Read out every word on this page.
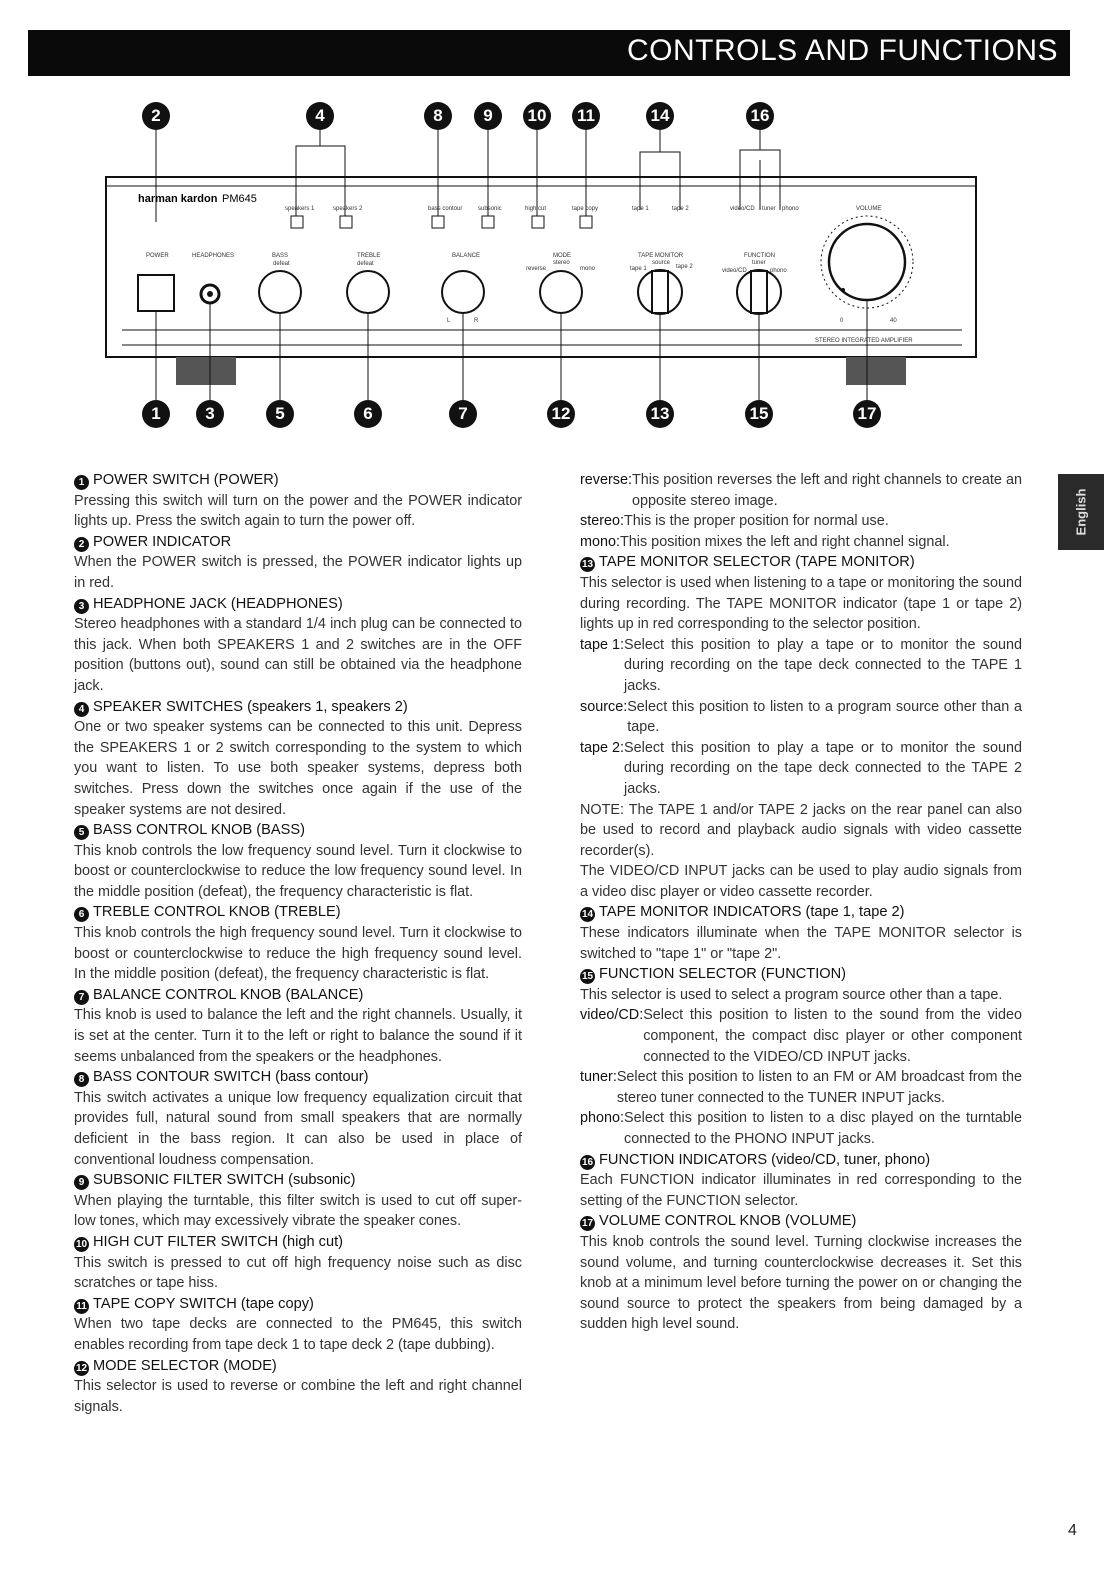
CONTROLS AND FUNCTIONS
English
harman kardon PM645
speakers 1	speakers 2	bass contour	subsonic	high cut	tape copy	tape 1	tape 2	video/CD tuner phono	VOLUME
POWER	HEADPHONES	BASS
defeat
TREBLE
defeat
BALANCE	MODE
stereo
reverse	mono
TAPE MONITOR
source
tape 1	tape 2
FUNCTION
tuner
video/CD	phono
L	R	0	40
STEREO INTEGRATED AMPLIFIER
2	4	8	9	10 11	14	16
1	3	5	6	7	12	13	15	17
1 POWER SWITCH (POWER)

Pressing this switch will turn on the power and the POWER indicator lights up. Press the switch again to turn the power off.

2 POWER INDICATOR

When the POWER switch is pressed, the POWER indicator lights up in red.

3 HEADPHONE JACK (HEADPHONES)

Stereo headphones with a standard 1/4 inch plug can be connected to this jack. When both SPEAKERS 1 and 2 switches are in the OFF position (buttons out), sound can still be obtained via the headphone jack.

4 SPEAKER SWITCHES (speakers 1, speakers 2)

One or two speaker systems can be connected to this unit. Depress the SPEAKERS 1 or 2 switch corresponding to the system to which you want to listen. To use both speaker systems, depress both switches. Press down the switches once again if the use of the speaker systems are not desired.

5 BASS CONTROL KNOB (BASS)

This knob controls the low frequency sound level. Turn it clockwise to boost or counterclockwise to reduce the low frequency sound level. In the middle position (defeat), the frequency characteristic is flat.

6 TREBLE CONTROL KNOB (TREBLE)

This knob controls the high frequency sound level. Turn it clockwise to boost or counterclockwise to reduce the high frequency sound level. In the middle position (defeat), the frequency characteristic is flat.

7 BALANCE CONTROL KNOB (BALANCE)

This knob is used to balance the left and the right channels. Usually, it is set at the center. Turn it to the left or right to balance the sound if it seems unbalanced from the speakers or the headphones.

8 BASS CONTOUR SWITCH (bass contour)

This switch activates a unique low frequency equalization circuit that provides full, natural sound from small speakers that are normally deficient in the bass region. It can also be used in place of conventional loudness compensation.

9 SUBSONIC FILTER SWITCH (subsonic)

When playing the turntable, this filter switch is used to cut off super-low tones, which may excessively vibrate the speaker cones.

10 HIGH CUT FILTER SWITCH (high cut)

This switch is pressed to cut off high frequency noise such as disc scratches or tape hiss.

11 TAPE COPY SWITCH (tape copy)

When two tape decks are connected to the PM645, this switch enables recording from tape deck 1 to tape deck 2 (tape dubbing).

12 MODE SELECTOR (MODE)

This selector is used to reverse or combine the left and right channel signals.

reverse : This position reverses the left and right channels to create an opposite stereo image.
stereo : This is the proper position for normal use.
mono : This position mixes the left and right channel signal.
13 TAPE MONITOR SELECTOR (TAPE MONITOR)

This selector is used when listening to a tape or monitoring the sound during recording. The TAPE MONITOR indicator (tape 1 or tape 2) lights up in red corresponding to the selector position.

tape 1 : Select this position to play a tape or to monitor the sound during recording on the tape deck connected to the TAPE 1 jacks.
source : Select this position to listen to a program source other than a tape.
tape 2 : Select this position to play a tape or to monitor the sound during recording on the tape deck connected to the TAPE 2 jacks.

NOTE: The TAPE 1 and/or TAPE 2 jacks on the rear panel can also be used to record and playback audio signals with video cassette recorder(s).

The VIDEO/CD INPUT jacks can be used to play audio signals from a video disc player or video cassette recorder.

14 TAPE MONITOR INDICATORS (tape 1, tape 2)

These indicators illuminate when the TAPE MONITOR selector is switched to "tape 1" or "tape 2".

15 FUNCTION SELECTOR (FUNCTION)

This selector is used to select a program source other than a tape.

video/CD : Select this position to listen to the sound from the video component, the compact disc player or other component connected to the VIDEO/CD INPUT jacks.
tuner : Select this position to listen to an FM or AM broadcast from the stereo tuner connected to the TUNER INPUT jacks.
phono : Select this position to listen to a disc played on the turntable connected to the PHONO INPUT jacks.
16 FUNCTION INDICATORS (video/CD, tuner, phono)

Each FUNCTION indicator illuminates in red corresponding to the setting of the FUNCTION selector.

17 VOLUME CONTROL KNOB (VOLUME)

This knob controls the sound level. Turning clockwise increases the sound volume, and turning counterclockwise decreases it. Set this knob at a minimum level before turning the power on or changing the sound source to protect the speakers from being damaged by a sudden high level sound.

4
